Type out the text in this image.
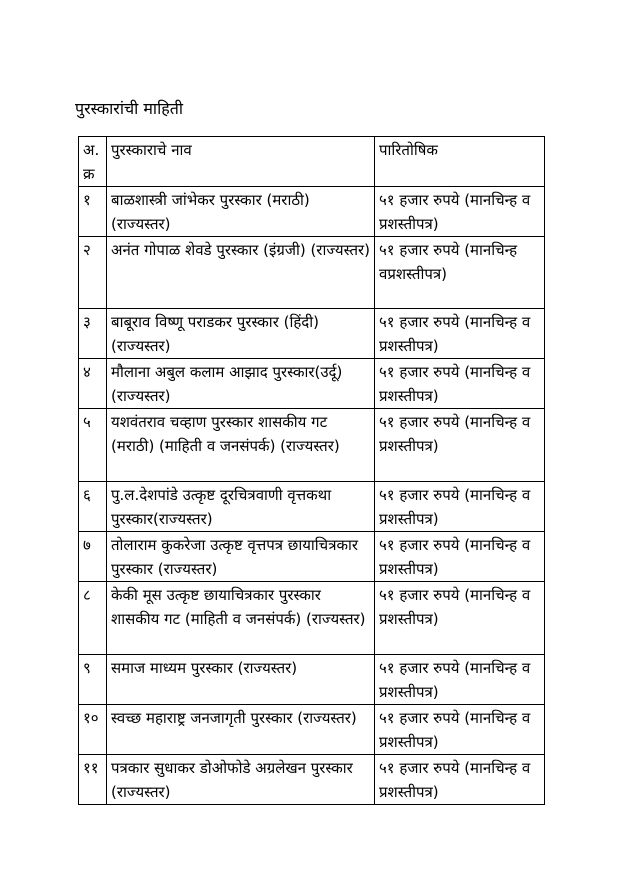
पुरस्कारांची माहिती
अ. क्र	पुरस्काराचे नाव	पारितोषिक
१	बाळशास्त्री जांभेकर पुरस्कार (मराठी) (राज्यस्तर)	५१ हजार रुपये (मानचिन्ह व प्रशस्तीपत्र)
२	अनंत गोपाळ शेवडे पुरस्कार (इंग्रजी) (राज्यस्तर)	५१ हजार रुपये (मानचिन्ह वप्रशस्तीपत्र)
३	बाबूराव विष्णू पराडकर पुरस्कार (हिंदी) (राज्यस्तर)	५१ हजार रुपये (मानचिन्ह व प्रशस्तीपत्र)
४	मौलाना अबुल कलाम आझाद पुरस्कार(उर्दू) (राज्यस्तर)	५१ हजार रुपये (मानचिन्ह व प्रशस्तीपत्र)
५	यशवंतराव चव्हाण पुरस्कार शासकीय गट (मराठी) (माहिती व जनसंपर्क) (राज्यस्तर)	५१ हजार रुपये (मानचिन्ह व प्रशस्तीपत्र)
६	पु.ल.देशपांडे उत्कृष्ट दूरचित्रवाणी वृत्तकथा पुरस्कार(राज्यस्तर)	५१ हजार रुपये (मानचिन्ह व प्रशस्तीपत्र)
७	तोलाराम कुकरेजा उत्कृष्ट वृत्तपत्र छायाचित्रकार पुरस्कार (राज्यस्तर)	५१ हजार रुपये (मानचिन्ह व प्रशस्तीपत्र)
८	केकी मूस उत्कृष्ट छायाचित्रकार पुरस्कार शासकीय गट (माहिती व जनसंपर्क) (राज्यस्तर)	५१ हजार रुपये (मानचिन्ह व प्रशस्तीपत्र)
९	समाज माध्यम पुरस्कार (राज्यस्तर)	५१ हजार रुपये (मानचिन्ह व प्रशस्तीपत्र)
१०	स्वच्छ महाराष्ट्र जनजागृती पुरस्कार (राज्यस्तर)	५१ हजार रुपये (मानचिन्ह व प्रशस्तीपत्र)
११	पत्रकार सुधाकर डोओफोडे अग्रलेखन पुरस्कार (राज्यस्तर)	५१ हजार रुपये (मानचिन्ह व प्रशस्तीपत्र)
